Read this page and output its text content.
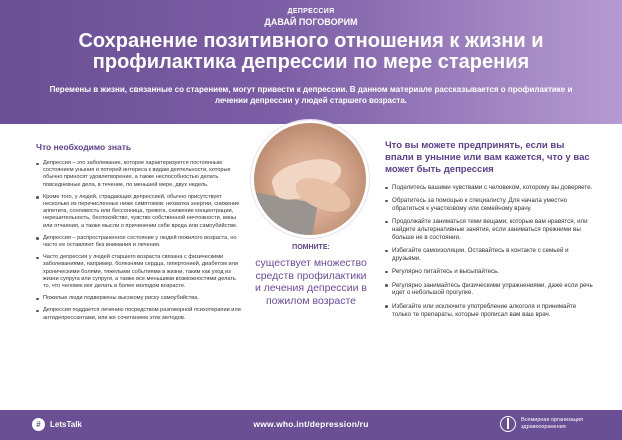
ДЕПРЕССИЯ
ДАВАЙ ПОГОВОРИМ
Сохранение позитивного отношения к жизни и профилактика депрессии по мере старения
Перемены в жизни, связанные со старением, могут привести к депрессии. В данном материале рассказывается о профилактике и лечении депрессии у людей старшего возраста.
ПОМНИТЕ:
существует множество средств профилактики и лечения депрессии в пожилом возрасте
Что необходимо знать
Депрессия – это заболевание, которое характеризуется постоянным состоянием уныния и потерей интереса к видам деятельности, которые обычно приносят удовлетворение, а также неспособностью делать повседневные дела, в течение, по меньшей мере, двух недель.
Кроме того, у людей, страдающих депрессией, обычно присутствует несколько из перечисленных ниже симптомов: нехватка энергии, снижение аппетита, сонливость или бессонница, тревога, снижение концентрации, нерешительность, беспокойство, чувство собственной ничтожности, вины или отчаяния, а также мысли о причинении себе вреда или самоубийстве.
Депрессия – распространенное состояние у людей пожилого возраста, но часто ее оставляют без внимания и лечения.
Часто депрессия у людей старшего возраста связана с физическими заболеваниями, например, болезнями сердца, гипертонией, диабетом или хроническими болями, тяжелыми событиями в жизни, таким как уход из жизни супруга или супруги, а также все меньшими возможностями делать то, что человек мог делать в более молодом возрасте.
Пожилые люди подвержены высокому риску самоубийства.
Депрессия поддается лечению посредством разговорной психотерапии или антидепрессантами, или же сочетанием этих методов.
Что вы можете предпринять, если вы впали в уныние или вам кажется, что у вас может быть депрессия
Поделитесь вашими чувствами с человеком, которому вы доверяете.
Обратитесь за помощью к специалисту. Для начала уместно обратиться к участковому или семейному врачу.
Продолжайте заниматься теми вещами, которые вам нравятся, или найдите альтернативные занятия, если заниматься прежними вы больше не в состоянии.
Избегайте самоизоляции. Оставайтесь в контакте с семьей и друзьями.
Регулярно питайтесь и высыпайтесь.
Регулярно занимайтесь физическими упражнениями, даже если речь идет о небольшой прогулке.
Избегайте или исключите употребление алкоголя и принимайте только те препараты, которые прописал вам ваш врач.
#	LetsTalk	www.who.int/depression/ru	Всемирная организация
здравоохранения
